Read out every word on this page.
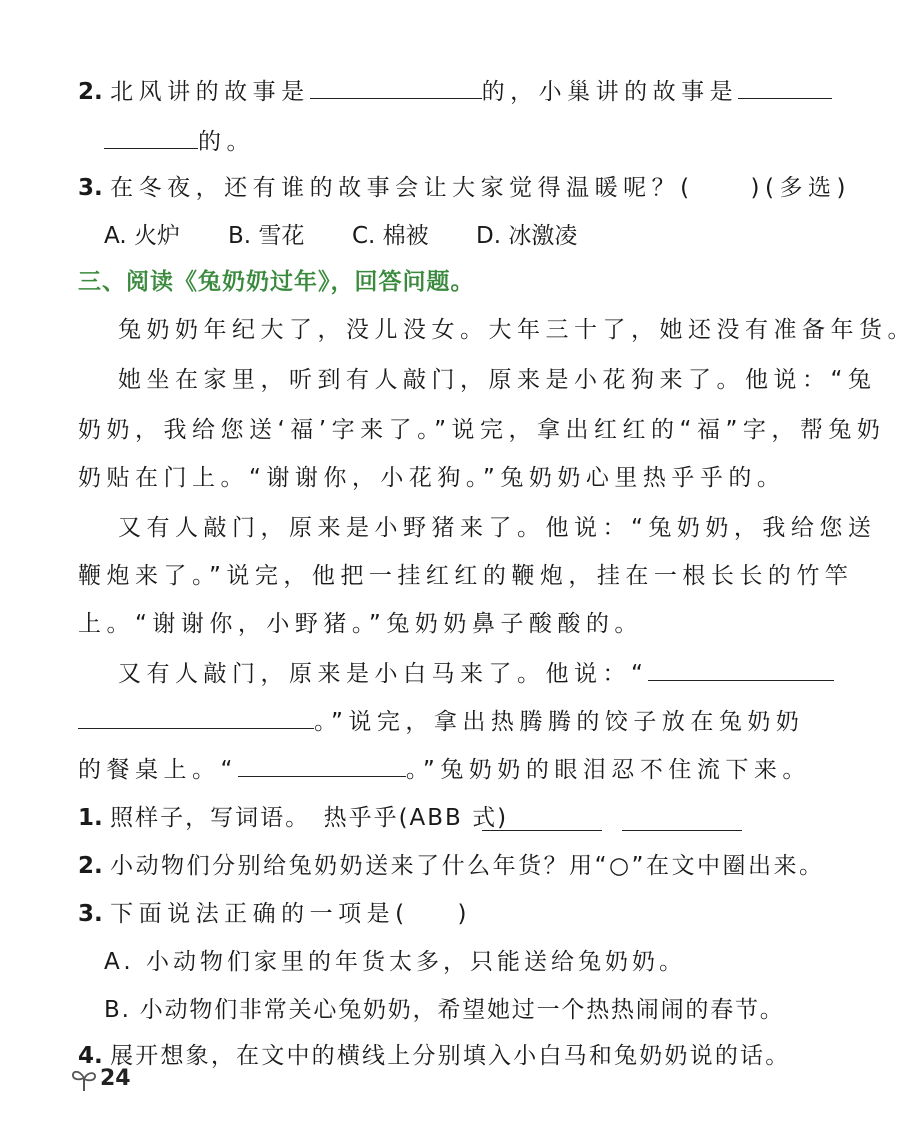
2. 北风讲的故事是	的，小巢讲的故事是
的。
3. 在冬夜，还有谁的故事会让大家觉得温暖呢？( )(多选)
A. 火炉 B. 雪花 C. 棉被 D. 冰激凌
三、阅读《兔奶奶过年》，回答问题。
兔奶奶年纪大了，没儿没女。大年三十了，她还没有准备年货。
她坐在家里，听到有人敲门，原来是小花狗来了。他说：“兔
奶奶，我给您送‘福’字来了。”说完，拿出红红的“福”字，帮兔奶
奶贴在门上。“谢谢你，小花狗。”兔奶奶心里热乎乎的。
又有人敲门，原来是小野猪来了。他说：“兔奶奶，我给您送
鞭炮来了。”说完，他把一挂红红的鞭炮，挂在一根长长的竹竿
上。“谢谢你，小野猪。”兔奶奶鼻子酸酸的。
又有人敲门，原来是小白马来了。他说：“
。”说完，拿出热腾腾的饺子放在兔奶奶
的餐桌上。“	。”兔奶奶的眼泪忍不住流下来。
1. 照样子，写词语。　热乎乎(ABB 式)
2. 小动物们分别给兔奶奶送来了什么年货？用“○”在文中圈出来。
3. 下面说法正确的一项是( )
A. 小动物们家里的年货太多，只能送给兔奶奶。
B. 小动物们非常关心兔奶奶，希望她过一个热热闹闹的春节。
4. 展开想象，在文中的横线上分别填入小白马和兔奶奶说的话。
24
